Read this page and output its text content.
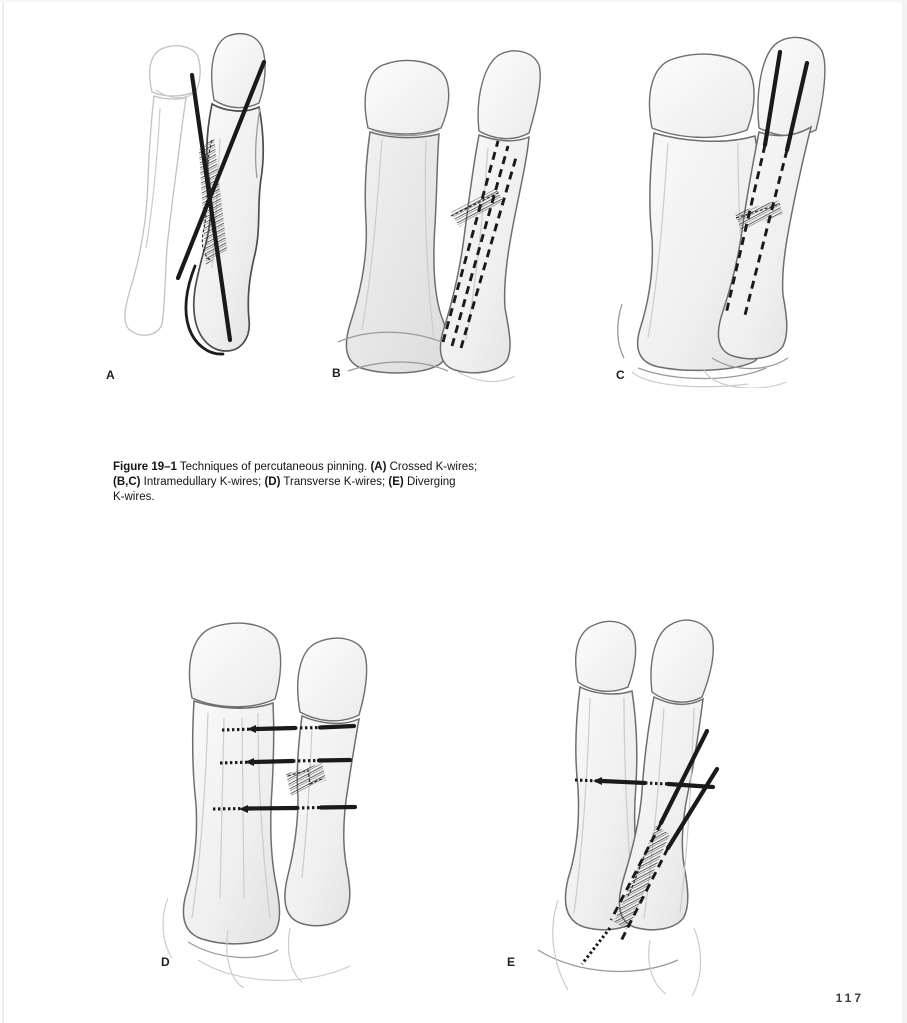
A	B	C
D	E
Figure 19–1 Techniques of percutaneous pinning. (A) Crossed K-wires;
(B,C) Intramedullary K-wires; (D) Transverse K-wires; (E) Diverging
K-wires.
117
